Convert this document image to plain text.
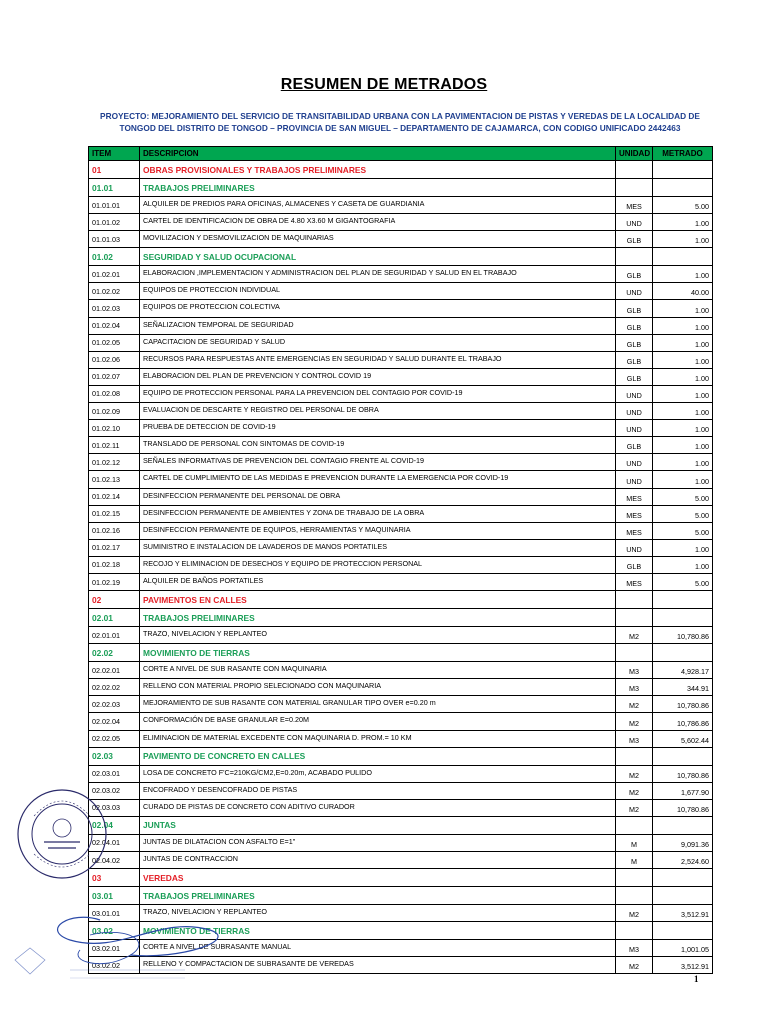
RESUMEN DE METRADOS
PROYECTO: MEJORAMIENTO DEL SERVICIO DE TRANSITABILIDAD URBANA CON LA PAVIMENTACION DE PISTAS Y VEREDAS DE LA LOCALIDAD DE
TONGOD DEL DISTRITO DE TONGOD – PROVINCIA DE SAN MIGUEL – DEPARTAMENTO DE CAJAMARCA, CON CODIGO UNIFICADO 2442463
ITEM	DESCRIPCION	UNIDAD	METRADO
01	OBRAS PROVISIONALES Y TRABAJOS PRELIMINARES		
01.01	TRABAJOS PRELIMINARES		
01.01.01	ALQUILER DE PREDIOS PARA OFICINAS, ALMACENES Y CASETA DE GUARDIANIA	MES	5.00
01.01.02	CARTEL DE IDENTIFICACION DE OBRA DE 4.80 X3.60 M GIGANTOGRAFIA	UND	1.00
01.01.03	MOVILIZACION Y DESMOVILIZACION DE MAQUINARIAS	GLB	1.00
01.02	SEGURIDAD Y SALUD OCUPACIONAL		
01.02.01	ELABORACION ,IMPLEMENTACION Y ADMINISTRACION DEL PLAN DE SEGURIDAD Y SALUD EN EL TRABAJO	GLB	1.00
01.02.02	EQUIPOS DE PROTECCION INDIVIDUAL	UND	40.00
01.02.03	EQUIPOS DE PROTECCION COLECTIVA	GLB	1.00
01.02.04	SEÑALIZACION TEMPORAL DE SEGURIDAD	GLB	1.00
01.02.05	CAPACITACION DE SEGURIDAD Y SALUD	GLB	1.00
01.02.06	RECURSOS PARA RESPUESTAS ANTE EMERGENCIAS EN SEGURIDAD Y SALUD DURANTE EL TRABAJO	GLB	1.00
01.02.07	ELABORACION DEL PLAN DE PREVENCION Y CONTROL COVID 19	GLB	1.00
01.02.08	EQUIPO DE PROTECCION PERSONAL PARA LA PREVENCION DEL CONTAGIO POR COVID-19	UND	1.00
01.02.09	EVALUACION DE DESCARTE Y REGISTRO DEL PERSONAL DE OBRA	UND	1.00
01.02.10	PRUEBA DE DETECCION DE COVID-19	UND	1.00
01.02.11	TRANSLADO DE PERSONAL CON SINTOMAS DE COVID-19	GLB	1.00
01.02.12	SEÑALES INFORMATIVAS DE PREVENCION DEL CONTAGIO FRENTE AL COVID-19	UND	1.00
01.02.13	CARTEL DE CUMPLIMIENTO DE LAS MEDIDAS E PREVENCION DURANTE LA EMERGENCIA POR COVID-19	UND	1.00
01.02.14	DESINFECCION PERMANENTE DEL PERSONAL DE OBRA	MES	5.00
01.02.15	DESINFECCION PERMANENTE DE AMBIENTES Y ZONA DE TRABAJO DE LA OBRA	MES	5.00
01.02.16	DESINFECCION PERMANENTE DE EQUIPOS, HERRAMIENTAS Y MAQUINARIA	MES	5.00
01.02.17	SUMINISTRO E INSTALACION DE LAVADEROS DE MANOS PORTATILES	UND	1.00
01.02.18	RECOJO Y ELIMINACION DE DESECHOS Y EQUIPO DE PROTECCION PERSONAL	GLB	1.00
01.02.19	ALQUILER DE BAÑOS PORTATILES	MES	5.00
02	PAVIMENTOS EN CALLES		
02.01	TRABAJOS PRELIMINARES		
02.01.01	TRAZO, NIVELACION Y REPLANTEO	M2	10,780.86
02.02	MOVIMIENTO DE TIERRAS		
02.02.01	CORTE A NIVEL DE SUB RASANTE CON MAQUINARIA	M3	4,928.17
02.02.02	RELLENO CON MATERIAL PROPIO SELECIONADO CON MAQUINARIA	M3	344.91
02.02.03	MEJORAMIENTO DE SUB RASANTE CON MATERIAL GRANULAR TIPO OVER e=0.20 m	M2	10,780.86
02.02.04	CONFORMACIÓN DE BASE GRANULAR E=0.20M	M2	10,786.86
02.02.05	ELIMINACION DE MATERIAL EXCEDENTE CON MAQUINARIA D. PROM.= 10 KM	M3	5,602.44
02.03	PAVIMENTO DE CONCRETO EN CALLES		
02.03.01	LOSA DE CONCRETO F'C=210KG/CM2,E=0.20m, ACABADO PULIDO	M2	10,780.86
02.03.02	ENCOFRADO Y DESENCOFRADO DE PISTAS	M2	1,677.90
02.03.03	CURADO DE PISTAS DE CONCRETO CON ADITIVO CURADOR	M2	10,780.86
02.04	JUNTAS		
02.04.01	JUNTAS DE DILATACION CON ASFALTO E=1"	M	9,091.36
02.04.02	JUNTAS DE CONTRACCION	M	2,524.60
03	VEREDAS		
03.01	TRABAJOS PRELIMINARES		
03.01.01	TRAZO, NIVELACION Y REPLANTEO	M2	3,512.91
03.02	MOVIMIENTO DE TIERRAS		
03.02.01	CORTE A NIVEL DE SUBRASANTE MANUAL	M3	1,001.05
03.02.02	RELLENO Y COMPACTACION DE SUBRASANTE DE VEREDAS	M2	3,512.91
1
